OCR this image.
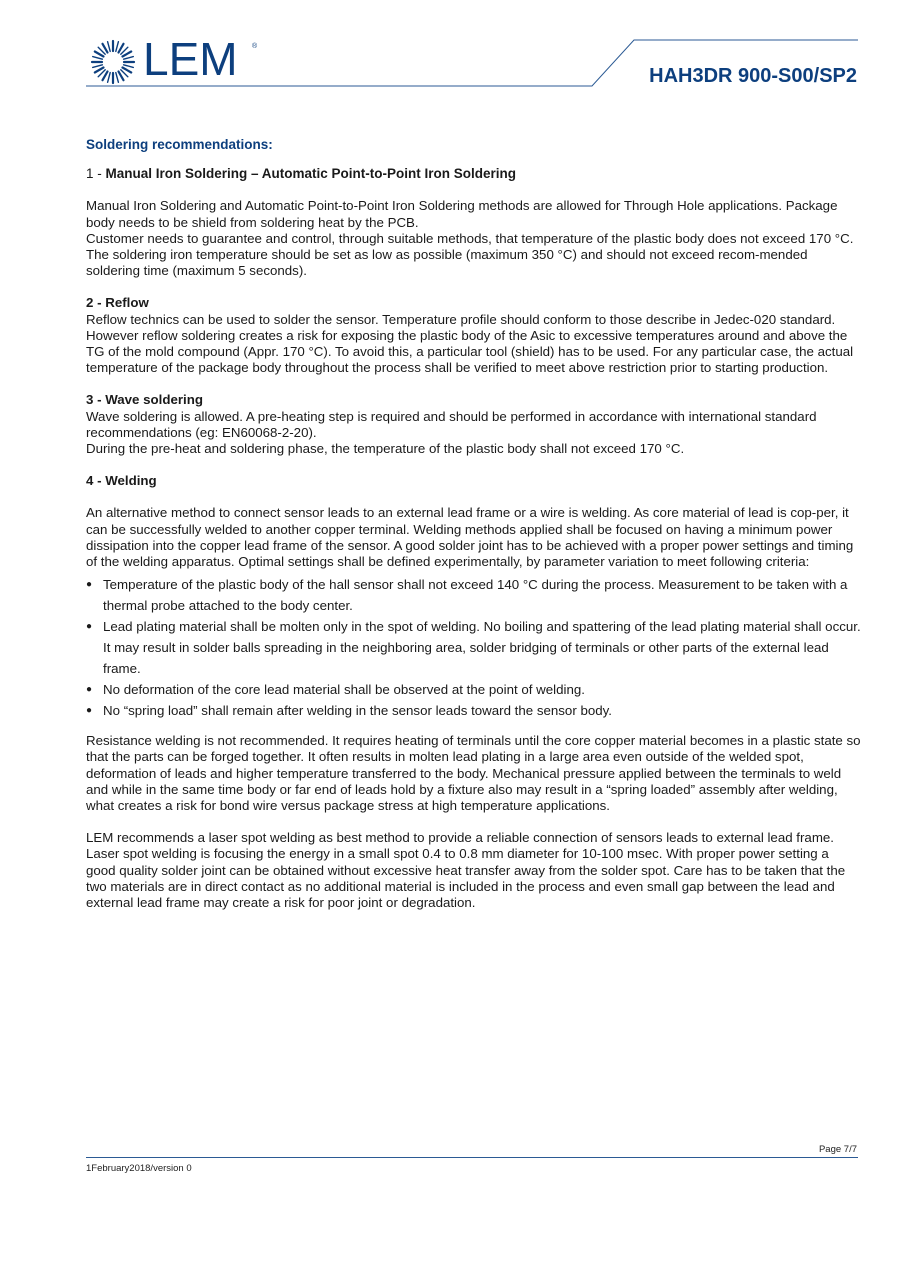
LEM ®
HAH3DR 900-S00/SP2

Soldering recommendations:

1 - Manual Iron Soldering – Automatic Point-to-Point Iron Soldering

Manual Iron Soldering and Automatic Point-to-Point Iron Soldering methods are allowed for Through Hole applications. Package body needs to be shield from soldering heat by the PCB.

Customer needs to guarantee and control, through suitable methods, that temperature of the plastic body does not exceed 170 °C. The soldering iron temperature should be set as low as possible (maximum 350 °C) and should not exceed recom-mended soldering time (maximum 5 seconds).

2 - Reflow

Reflow technics can be used to solder the sensor. Temperature profile should conform to those describe in Jedec-020 standard. However reflow soldering creates a risk for exposing the plastic body of the Asic to excessive temperatures around and above the TG of the mold compound (Appr. 170 °C). To avoid this, a particular tool (shield) has to be used. For any particular case, the actual temperature of the package body throughout the process shall be verified to meet above restriction prior to starting production.

3 - Wave soldering

Wave soldering is allowed. A pre-heating step is required and should be performed in accordance with international standard recommendations (eg: EN60068-2-20).

During the pre-heat and soldering phase, the temperature of the plastic body shall not exceed 170 °C.

4 - Welding

An alternative method to connect sensor leads to an external lead frame or a wire is welding. As core material of lead is cop-per, it can be successfully welded to another copper terminal. Welding methods applied shall be focused on having a minimum power dissipation into the copper lead frame of the sensor. A good solder joint has to be achieved with a proper power settings and timing of the welding apparatus. Optimal settings shall be defined experimentally, by parameter variation to meet following criteria:

● Temperature of the plastic body of the hall sensor shall not exceed 140 °C during the process. Measurement to be taken with a thermal probe attached to the body center.
● Lead plating material shall be molten only in the spot of welding. No boiling and spattering of the lead plating material shall occur. It may result in solder balls spreading in the neighboring area, solder bridging of terminals or other parts of the external lead frame.
● No deformation of the core lead material shall be observed at the point of welding.
● No “spring load” shall remain after welding in the sensor leads toward the sensor body.

Resistance welding is not recommended. It requires heating of terminals until the core copper material becomes in a plastic state so that the parts can be forged together. It often results in molten lead plating in a large area even outside of the welded spot, deformation of leads and higher temperature transferred to the body. Mechanical pressure applied between the terminals to weld and while in the same time body or far end of leads hold by a fixture also may result in a “spring loaded” assembly after welding, what creates a risk for bond wire versus package stress at high temperature applications.

LEM recommends a laser spot welding as best method to provide a reliable connection of sensors leads to external lead frame. Laser spot welding is focusing the energy in a small spot 0.4 to 0.8 mm diameter for 10-100 msec. With proper power setting a good quality solder joint can be obtained without excessive heat transfer away from the solder spot. Care has to be taken that the two materials are in direct contact as no additional material is included in the process and even small gap between the lead and external lead frame may create a risk for poor joint or degradation.

Page 7/7
1February2018/version 0
